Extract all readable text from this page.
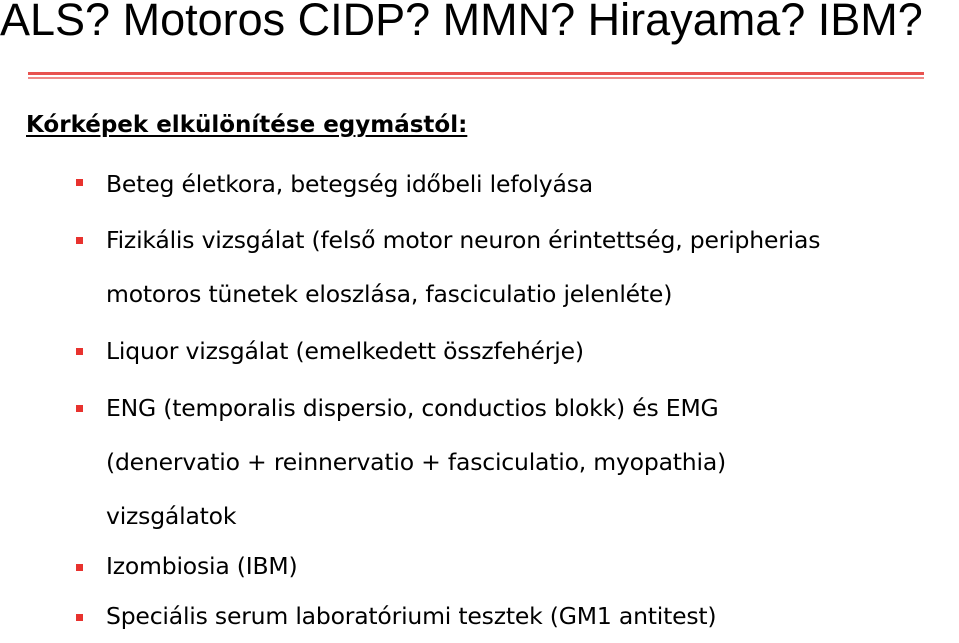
ALS? Motoros CIDP? MMN? Hirayama? IBM?
Kórképek elkülönítése egymástól:
Beteg életkora, betegség időbeli lefolyása
Fizikális vizsgálat (felső motor neuron érintettség, peripherias
motoros tünetek eloszlása, fasciculatio jelenléte)
Liquor vizsgálat (emelkedett összfehérje)
ENG (temporalis dispersio, conductios blokk) és EMG
(denervatio + reinnervatio + fasciculatio, myopathia)
vizsgálatok
Izombiosia (IBM)
Speciális serum laboratóriumi tesztek (GM1 antitest)
